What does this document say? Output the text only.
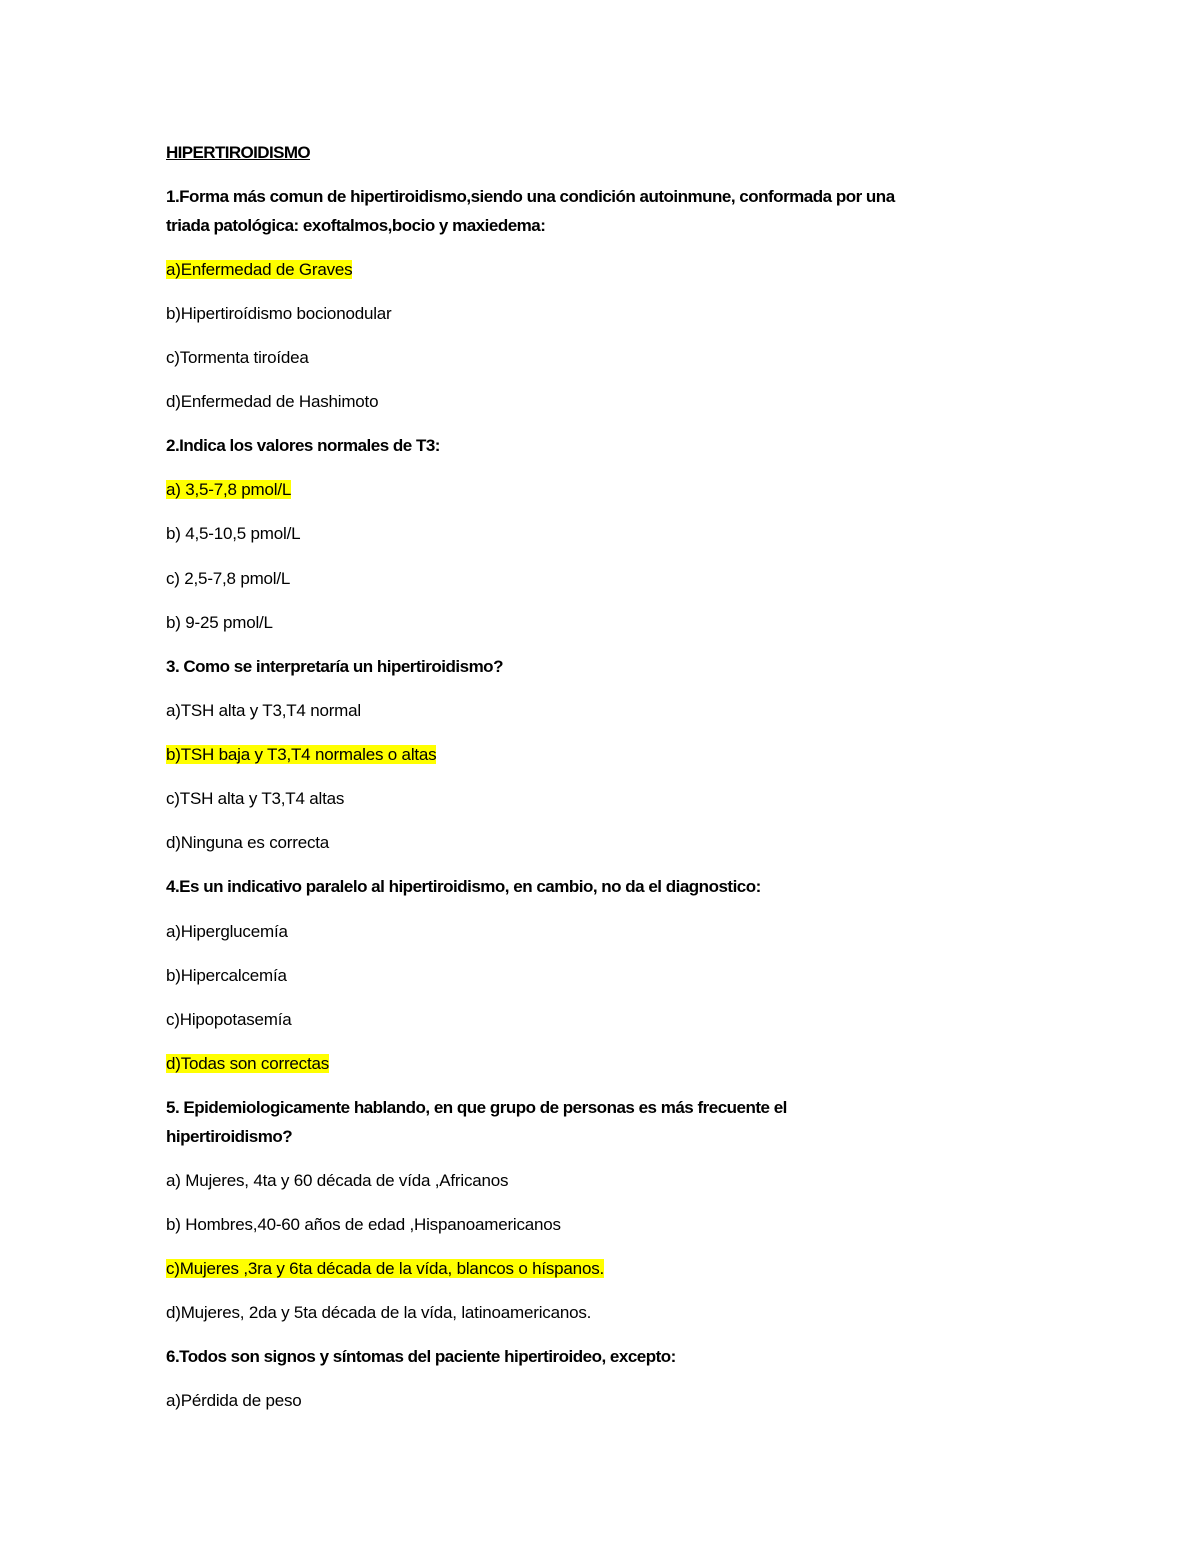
HIPERTIROIDISMO
1.Forma más comun de hipertiroidismo,siendo una condición autoinmune, conformada por una
triada patológica: exoftalmos,bocio y maxiedema:
a)Enfermedad de Graves
b)Hipertiroídismo bocionodular
c)Tormenta tiroídea
d)Enfermedad de Hashimoto
2.Indica los valores normales de T3:
a) 3,5-7,8 pmol/L
b) 4,5-10,5 pmol/L
c) 2,5-7,8 pmol/L
b) 9-25 pmol/L
3. Como se interpretaría un hipertiroidismo?
a)TSH alta y T3,T4 normal
b)TSH baja y T3,T4 normales o altas
c)TSH alta y T3,T4 altas
d)Ninguna es correcta
4.Es un indicativo paralelo al hipertiroidismo, en cambio, no da el diagnostico:
a)Hiperglucemía
b)Hipercalcemía
c)Hipopotasemía
d)Todas son correctas
5. Epidemiologicamente hablando, en que grupo de personas es más frecuente el
hipertiroidismo?
a) Mujeres, 4ta y 60 década de vída ,Africanos
b) Hombres,40-60 años de edad ,Hispanoamericanos
c)Mujeres ,3ra y 6ta década de la vída, blancos o híspanos.
d)Mujeres, 2da y 5ta década de la vída, latinoamericanos.
6.Todos son signos y síntomas del paciente hipertiroideo, excepto:
a)Pérdida de peso
